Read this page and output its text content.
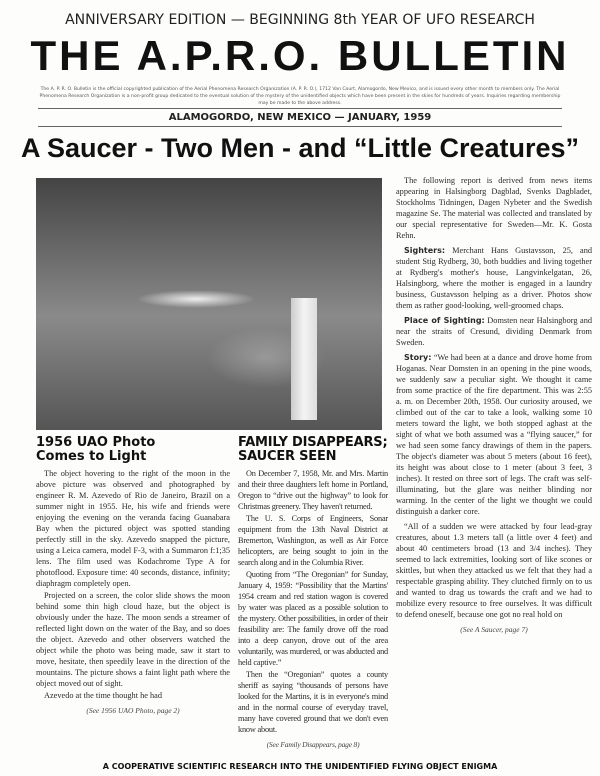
ANNIVERSARY EDITION — BEGINNING 8th YEAR OF UFO RESEARCH
THE A.P.R.O. BULLETIN
The A. P. R. O. Bulletin is the official copyrighted publication of the Aerial Phenomena Research Organization (A. P. R. O.), 1712 Van Court, Alamogordo, New Mexico, and is issued every other month to members only. The Aerial Phenomena Research Organization is a non-profit group dedicated to the eventual solution of the mystery of the unidentified objects which have been present in the skies for hundreds of years. Inquiries regarding membership may be made to the above address.
ALAMOGORDO, NEW MEXICO — JANUARY, 1959
A Saucer - Two Men - and “Little Creatures”
1956 UAO Photo Comes to Light

The object hovering to the right of the moon in the above picture was observed and photographed by engineer R. M. Azevedo of Rio de Janeiro, Brazil on a summer night in 1955. He, his wife and friends were enjoying the evening on the veranda facing Guanabara Bay when the pictured object was spotted standing perfectly still in the sky. Azevedo snapped the picture, using a Leica camera, model F-3, with a Summaron f:1;35 lens. The film used was Kodachrome Type A for photoflood. Exposure time: 40 seconds, distance, infinity; diaphragm completely open.

Projected on a screen, the color slide shows the moon behind some thin high cloud haze, but the object is obviously under the haze. The moon sends a streamer of reflected light down on the water of the Bay, and so does the object. Azevedo and other observers watched the object while the photo was being made, saw it start to move, hesitate, then speedily leave in the direction of the mountains. The picture shows a faint light path where the object moved out of sight.

Azevedo at the time thought he had

(See 1956 UAO Photo, page 2)
FAMILY DISAPPEARS; SAUCER SEEN

On December 7, 1958, Mr. and Mrs. Martin and their three daughters left home in Portland, Oregon to “drive out the highway” to look for Christmas greenery. They haven't returned.

The U. S. Corps of Engineers, Sonar equipment from the 13th Naval District at Bremerton, Washington, as well as Air Force helicopters, are being sought to join in the search along and in the Columbia River.

Quoting from “The Oregonian” for Sunday, January 4, 1959: “Possibility that the Martins' 1954 cream and red station wagon is covered by water was placed as a possible solution to the mystery. Other possibilities, in order of their feasibility are: The family drove off the road into a deep canyon, drove out of the area voluntarily, was murdered, or was abducted and held captive.”

Then the “Oregonian” quotes a county sheriff as saying “thousands of persons have looked for the Martins, it is in everyone's mind and in the normal course of everyday travel, many have covered ground that we don't even know about.

(See Family Disappears, page 8)

The following report is derived from news items appearing in Halsingborg Dagblad, Svenks Dagbladet, Stockholms Tidningen, Dagen Nybeter and the Swedish magazine Se. The material was collected and translated by our special representative for Sweden—Mr. K. Gosta Rehn.

Sighters: Merchant Hans Gustavsson, 25, and student Stig Rydberg, 30, both buddies and living together at Rydberg's mother's house, Langvinkelgatan, 26, Halsingborg, where the mother is engaged in a laundry business, Gustavsson helping as a driver. Photos show them as rather good-looking, well-groomed chaps.

Place of Sighting: Domsten near Halsingborg and near the straits of Cresund, dividing Denmark from Sweden.

Story: “We had been at a dance and drove home from Hoganas. Near Domsten in an opening in the pine woods, we suddenly saw a peculiar sight. We thought it came from some practice of the fire department. This was 2:55 a. m. on December 20th, 1958. Our curiosity aroused, we climbed out of the car to take a look, walking some 10 meters toward the light, we both stopped aghast at the sight of what we both assumed was a “flying saucer,” for we had seen some fancy drawings of them in the papers. The object's diameter was about 5 meters (about 16 feet), its height was about close to 1 meter (about 3 feet, 3 inches). It rested on three sort of legs. The craft was self-illuminating, but the glare was neither blinding nor warming. In the center of the light we thought we could distinguish a darker core.

“All of a sudden we were attacked by four lead-gray creatures, about 1.3 meters tall (a little over 4 feet) and about 40 centimeters broad (13 and 3/4 inches). They seemed to lack extremities, looking sort of like scones or skittles, but when they attacked us we felt that they had a respectable grasping ability. They clutched firmly on to us and wanted to drag us towards the craft and we had to mobilize every resource to free ourselves. It was difficult to defend oneself, because one got no real hold on

(See A Saucer, page 7)
A COOPERATIVE SCIENTIFIC RESEARCH INTO THE UNIDENTIFIED FLYING OBJECT ENIGMA
